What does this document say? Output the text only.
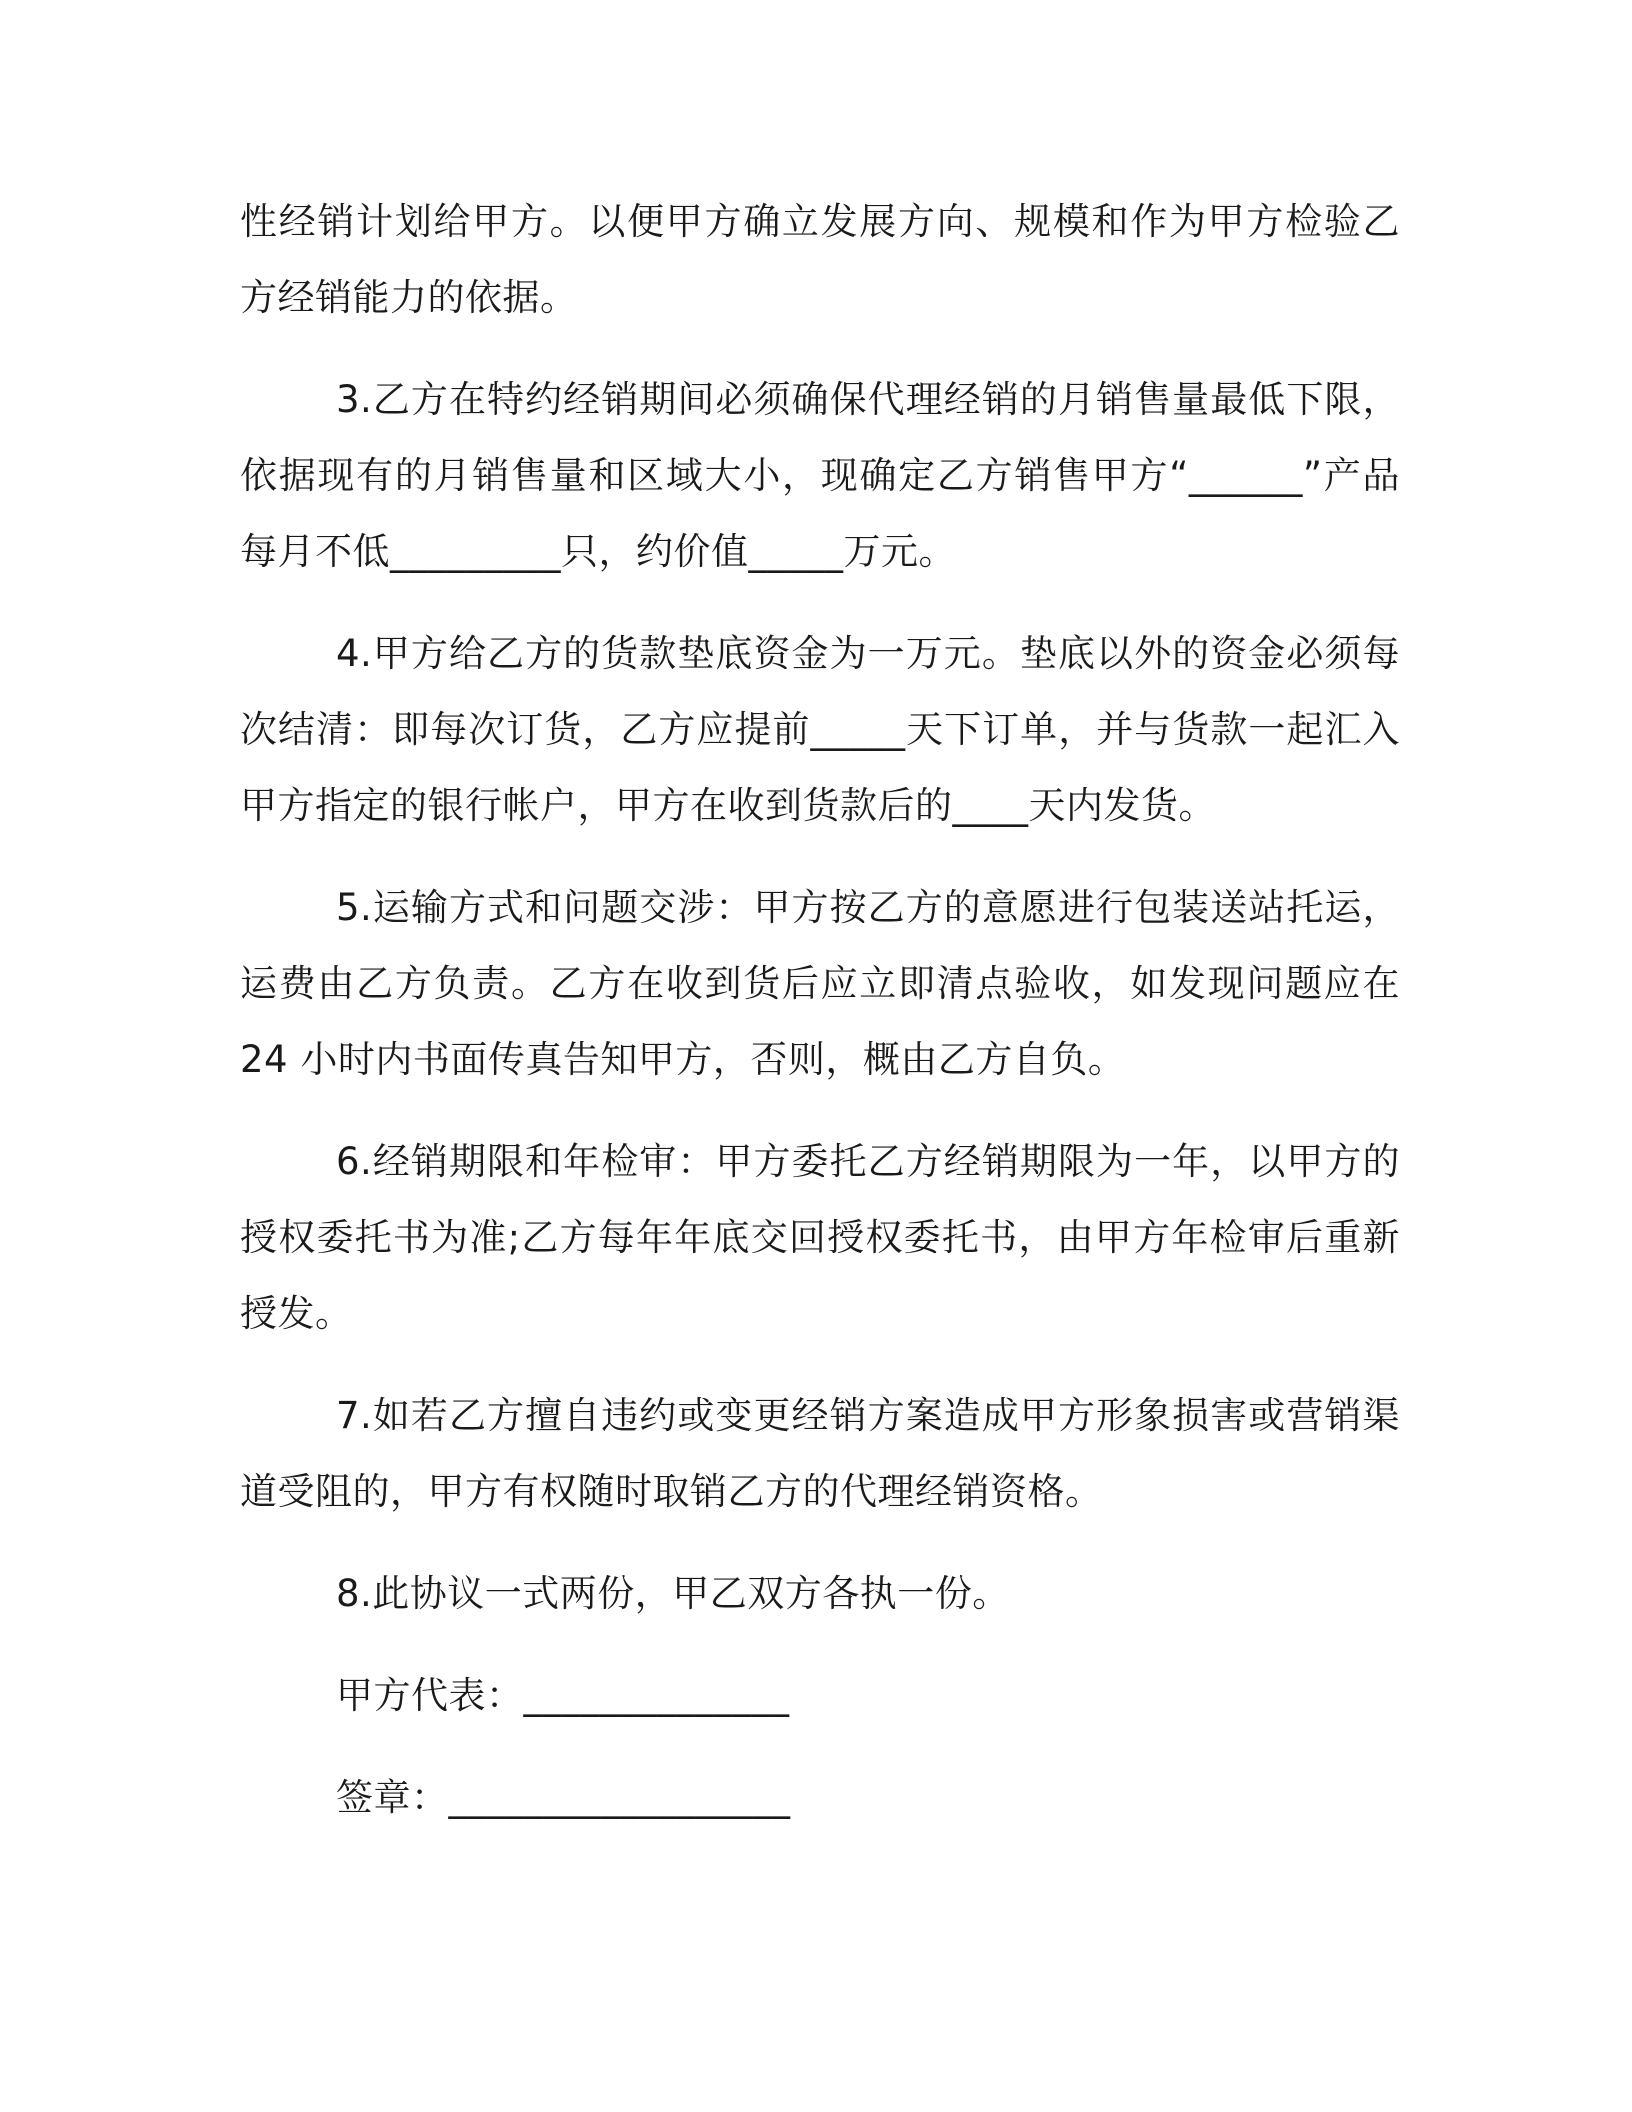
性经销计划给甲方。以便甲方确立发展方向、规模和作为甲方检验乙方经销能力的依据。

3.乙方在特约经销期间必须确保代理经销的月销售量最低下限，依据现有的月销售量和区域大小，现确定乙方销售甲方“______”产品每月不低_________只，约价值_____万元。

4.甲方给乙方的货款垫底资金为一万元。垫底以外的资金必须每次结清：即每次订货，乙方应提前_____天下订单，并与货款一起汇入甲方指定的银行帐户，甲方在收到货款后的____天内发货。

5.运输方式和问题交涉：甲方按乙方的意愿进行包装送站托运，运费由乙方负责。乙方在收到货后应立即清点验收，如发现问题应在24 小时内书面传真告知甲方，否则，概由乙方自负。

6.经销期限和年检审：甲方委托乙方经销期限为一年，以甲方的授权委托书为准;乙方每年年底交回授权委托书，由甲方年检审后重新授发。

7.如若乙方擅自违约或变更经销方案造成甲方形象损害或营销渠道受阻的，甲方有权随时取销乙方的代理经销资格。

8.此协议一式两份，甲乙双方各执一份。

甲方代表：______________
签章：__________________
